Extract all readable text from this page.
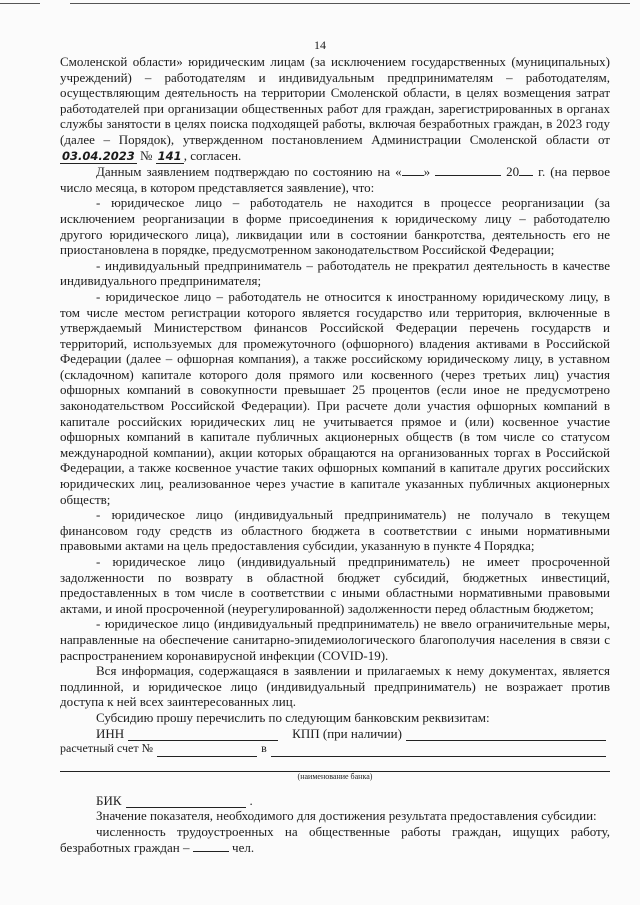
14

Смоленской области» юридическим лицам (за исключением государственных (муниципальных) учреждений) – работодателям и индивидуальным предпринимателям – работодателям, осуществляющим деятельность на территории Смоленской области, в целях возмещения затрат работодателей при организации общественных работ для граждан, зарегистрированных в органах службы занятости в целях поиска подходящей работы, включая безработных граждан, в 2023 году (далее – Порядок), утвержденном постановлением Администрации Смоленской области от 03.04.2023 № 141 , согласен.

Данным заявлением подтверждаю по состоянию на « »	20 г. (на первое число месяца, в котором представляется заявление), что:

- юридическое лицо – работодатель не находится в процессе реорганизации (за исключением реорганизации в форме присоединения к юридическому лицу – работодателю другого юридического лица), ликвидации или в состоянии банкротства, деятельность его не приостановлена в порядке, предусмотренном законодательством Российской Федерации;

- индивидуальный предприниматель – работодатель не прекратил деятельность в качестве индивидуального предпринимателя;

- юридическое лицо – работодатель не относится к иностранному юридическому лицу, в том числе местом регистрации которого является государство или территория, включенные в утверждаемый Министерством финансов Российской Федерации перечень государств и территорий, используемых для промежуточного (офшорного) владения активами в Российской Федерации (далее – офшорная компания), а также российскому юридическому лицу, в уставном (складочном) капитале которого доля прямого или косвенного (через третьих лиц) участия офшорных компаний в совокупности превышает 25 процентов (если иное не предусмотрено законодательством Российской Федерации). При расчете доли участия офшорных компаний в капитале российских юридических лиц не учитывается прямое и (или) косвенное участие офшорных компаний в капитале публичных акционерных обществ (в том числе со статусом международной компании), акции которых обращаются на организованных торгах в Российской Федерации, а также косвенное участие таких офшорных компаний в капитале других российских юридических лиц, реализованное через участие в капитале указанных публичных акционерных обществ;

- юридическое лицо (индивидуальный предприниматель) не получало в текущем финансовом году средств из областного бюджета в соответствии с иными нормативными правовыми актами на цель предоставления субсидии, указанную в пункте 4 Порядка;

- юридическое лицо (индивидуальный предприниматель) не имеет просроченной задолженности по возврату в областной бюджет субсидий, бюджетных инвестиций, предоставленных в том числе в соответствии с иными областными нормативными правовыми актами, и иной просроченной (неурегулированной) задолженности перед областным бюджетом;

- юридическое лицо (индивидуальный предприниматель) не ввело ограничительные меры, направленные на обеспечение санитарно-эпидемиологического благополучия населения в связи с распространением коронавирусной инфекции (COVID-19).

Вся информация, содержащаяся в заявлении и прилагаемых к нему документах, является подлинной, и юридическое лицо (индивидуальный предприниматель) не возражает против доступа к ней всех заинтересованных лиц.

Субсидию прошу перечислить по следующим банковским реквизитам:

ИНН	КПП (при наличии)
расчетный счет №	в
(наименование банка)
БИК	.

Значение показателя, необходимого для достижения результата предоставления субсидии:

численность трудоустроенных на общественные работы граждан, ищущих работу, безработных граждан –	чел.
